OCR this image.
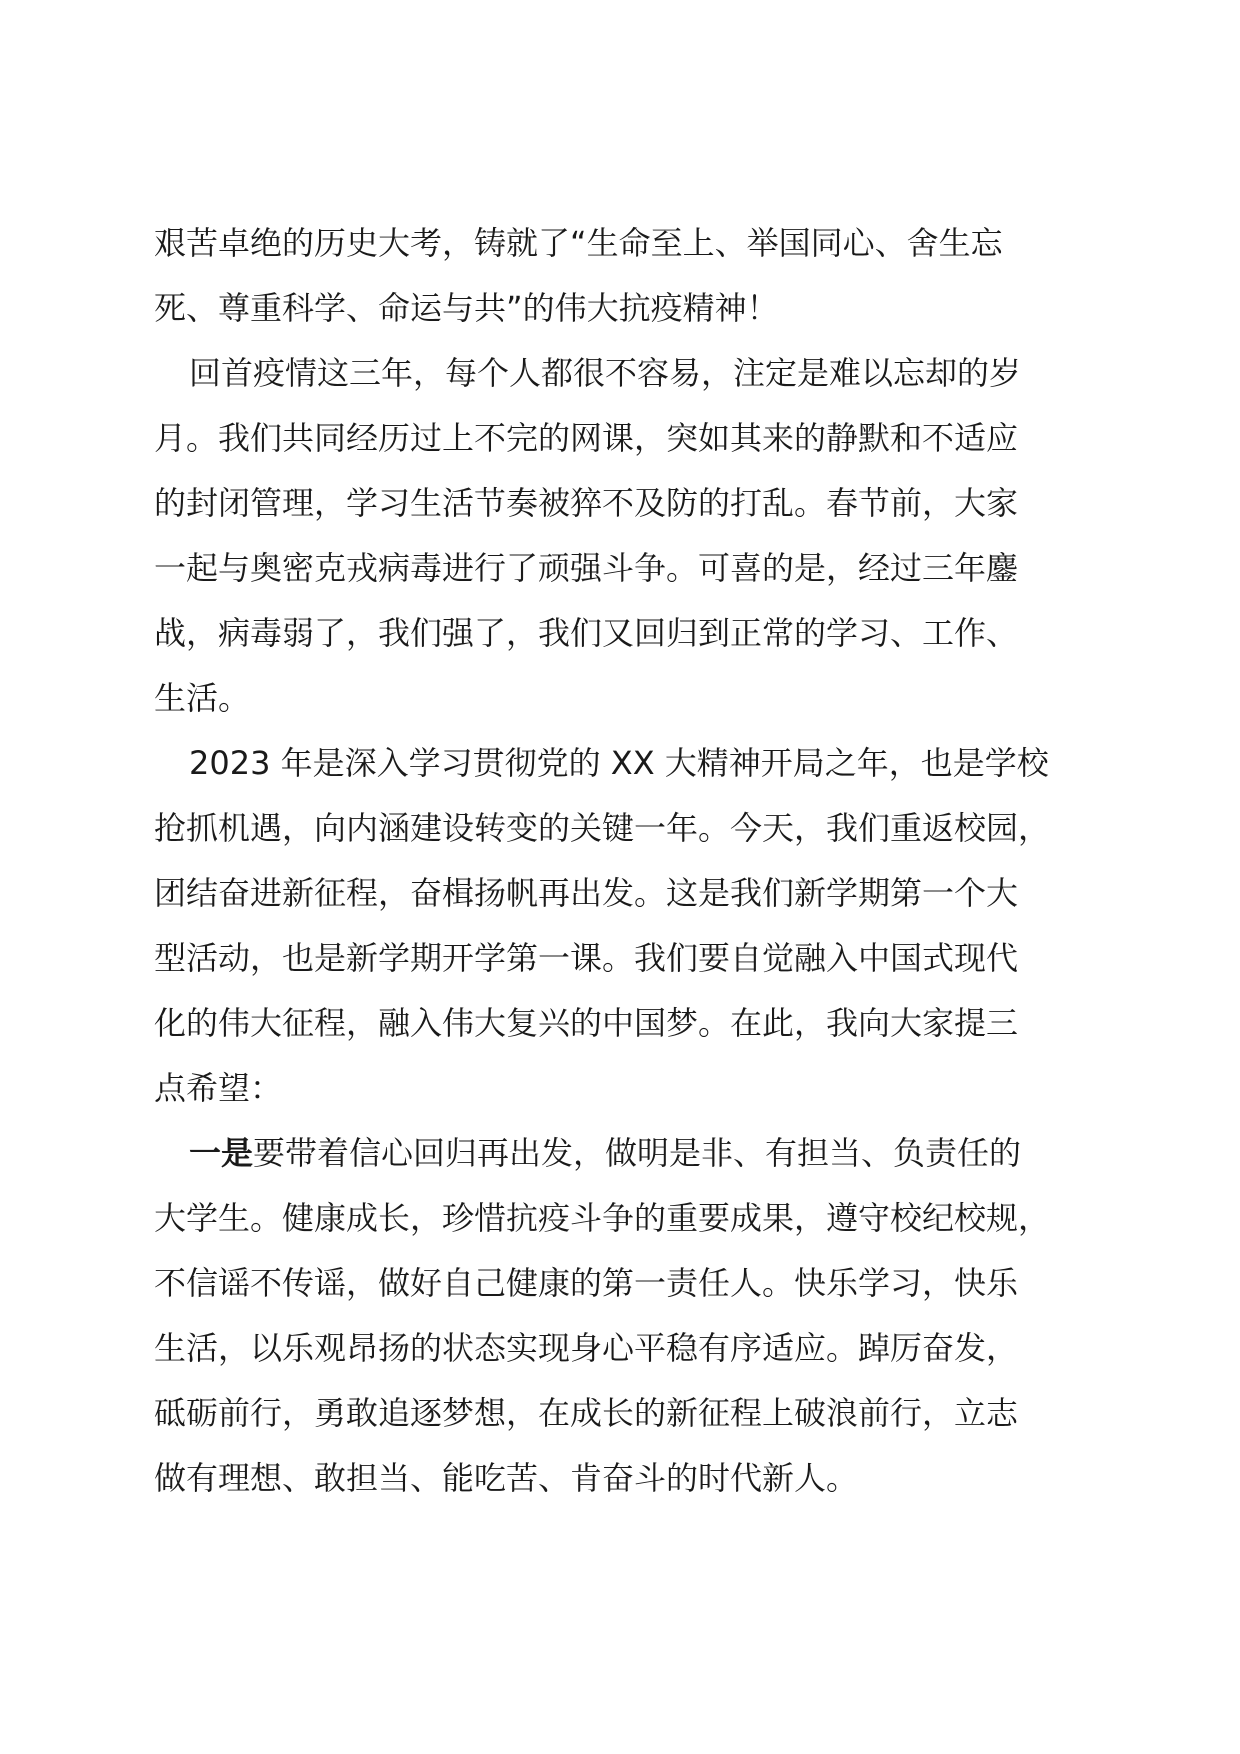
艰苦卓绝的历史大考，铸就了“生命至上、举国同心、舍生忘
死、尊重科学、命运与共”的伟大抗疫精神！
回首疫情这三年，每个人都很不容易，注定是难以忘却的岁
月。我们共同经历过上不完的网课，突如其来的静默和不适应
的封闭管理，学习生活节奏被猝不及防的打乱。春节前，大家
一起与奥密克戎病毒进行了顽强斗争。可喜的是，经过三年鏖
战，病毒弱了，我们强了，我们又回归到正常的学习、工作、
生活。
2023 年是深入学习贯彻党的 XX 大精神开局之年，也是学校
抢抓机遇，向内涵建设转变的关键一年。今天，我们重返校园，
团结奋进新征程，奋楫扬帆再出发。这是我们新学期第一个大
型活动，也是新学期开学第一课。我们要自觉融入中国式现代
化的伟大征程，融入伟大复兴的中国梦。在此，我向大家提三
点希望：
一是要带着信心回归再出发，做明是非、有担当、负责任的
大学生。健康成长，珍惜抗疫斗争的重要成果，遵守校纪校规，
不信谣不传谣，做好自己健康的第一责任人。快乐学习，快乐
生活，以乐观昂扬的状态实现身心平稳有序适应。踔厉奋发，
砥砺前行，勇敢追逐梦想，在成长的新征程上破浪前行，立志
做有理想、敢担当、能吃苦、肯奋斗的时代新人。
